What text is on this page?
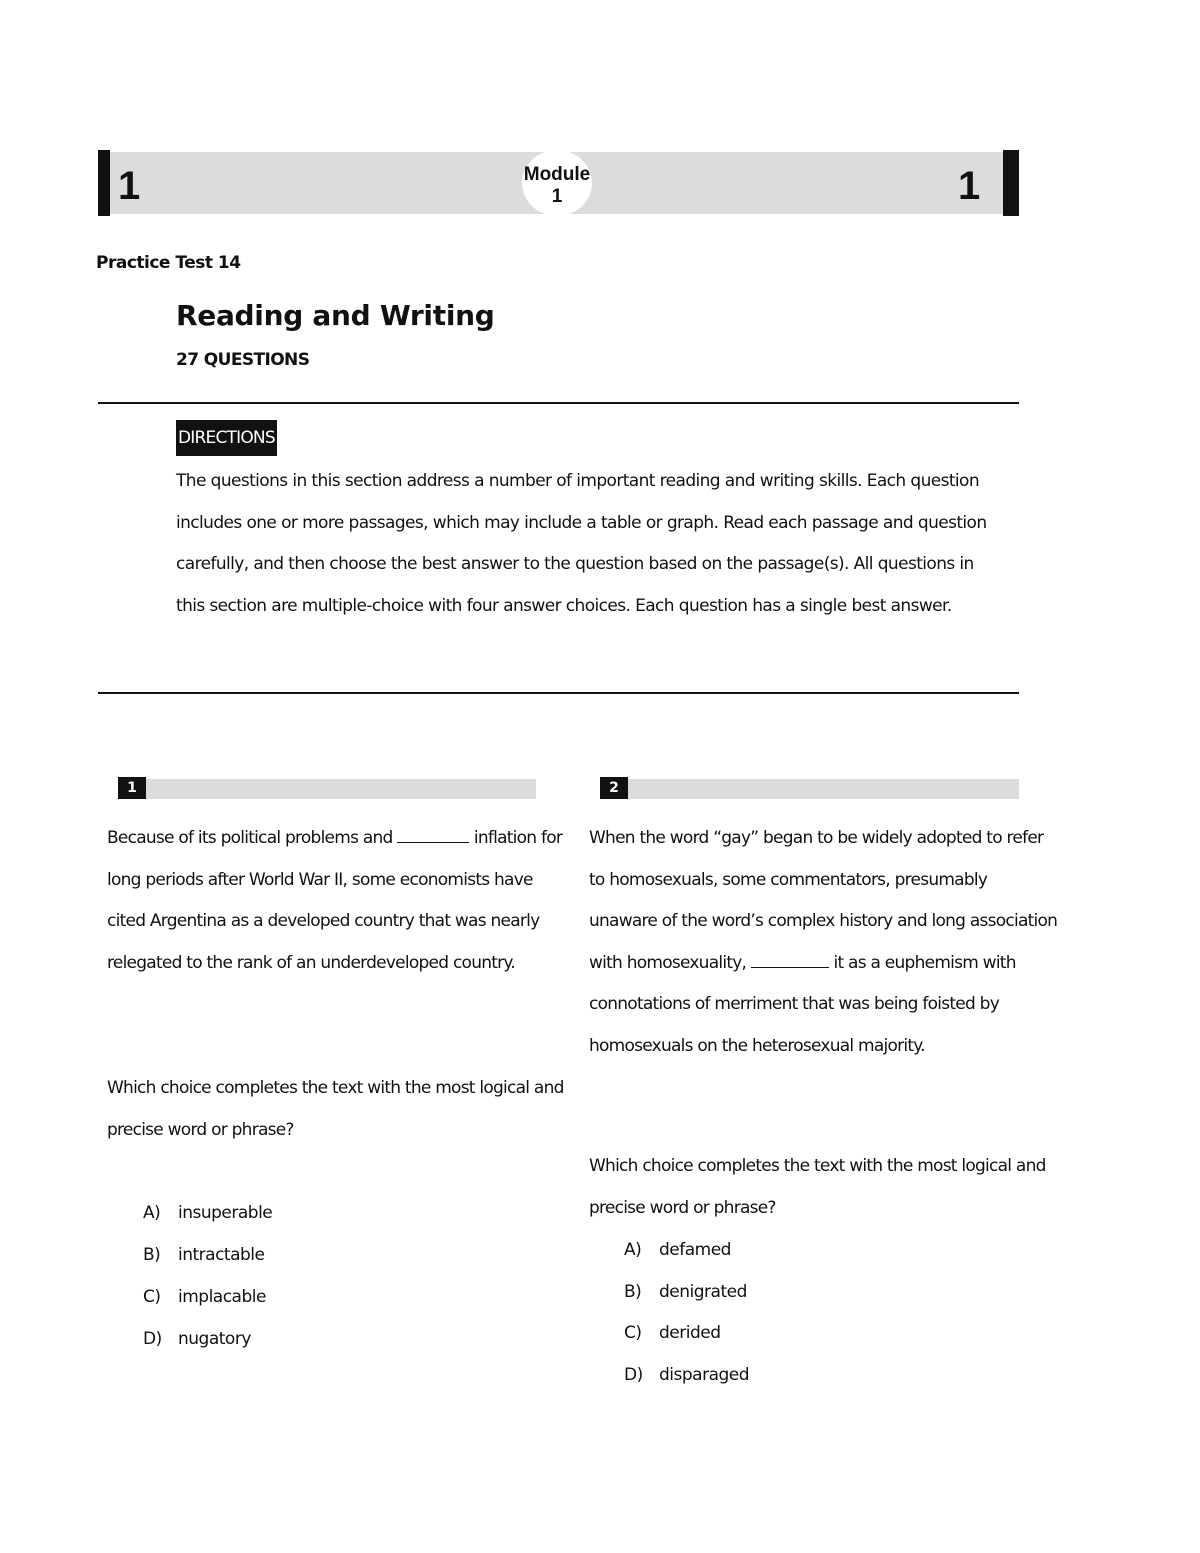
1	1
Module
1
Practice Test 14
Reading and Writing
27 QUESTIONS
DIRECTIONS
The questions in this section address a number of important reading and writing skills. Each question includes one or more passages, which may include a table or graph. Read each passage and question carefully, and then choose the best answer to the question based on the passage(s). All questions in this section are multiple-choice with four answer choices. Each question has a single best answer.
1
Because of its political problems and	inflation for long periods after World War II, some economists have cited Argentina as a developed country that was nearly relegated to the rank of an underdeveloped country.
Which choice completes the text with the most logical and precise word or phrase?
A) insuperable
B) intractable
C) implacable
D) nugatory
2
When the word “gay” began to be widely adopted to refer to homosexuals, some commentators, presumably unaware of the word’s complex history and long association with homosexuality,	it as a euphemism with connotations of merriment that was being foisted by homosexuals on the heterosexual majority.
Which choice completes the text with the most logical and precise word or phrase?
A) defamed
B) denigrated
C) derided
D) disparaged
